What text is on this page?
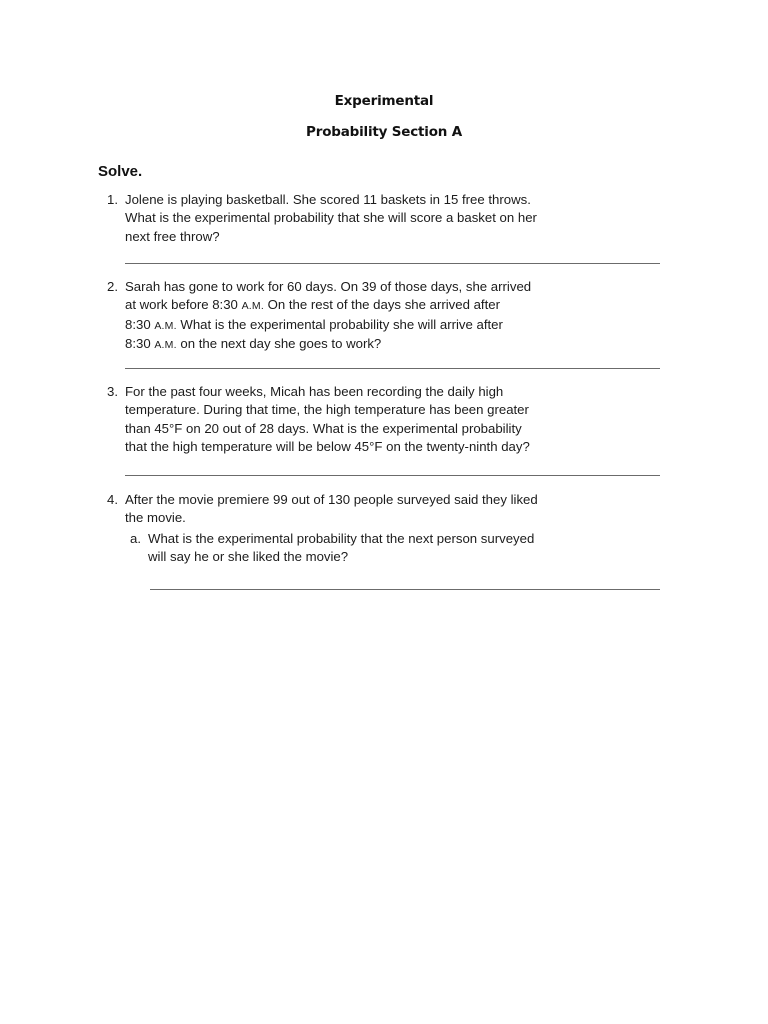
Experimental
Probability Section A
Solve.
1. Jolene is playing basketball. She scored 11 baskets in 15 free throws.
What is the experimental probability that she will score a basket on her
next free throw?
2. Sarah has gone to work for 60 days. On 39 of those days, she arrived
at work before 8:30 A.M. On the rest of the days she arrived after
8:30 A.M. What is the experimental probability she will arrive after
8:30 A.M. on the next day she goes to work?
3. For the past four weeks, Micah has been recording the daily high
temperature. During that time, the high temperature has been greater
than 45°F on 20 out of 28 days. What is the experimental probability
that the high temperature will be below 45°F on the twenty-ninth day?
4. After the movie premiere 99 out of 130 people surveyed said they liked
the movie.
a. What is the experimental probability that the next person surveyed
will say he or she liked the movie?
